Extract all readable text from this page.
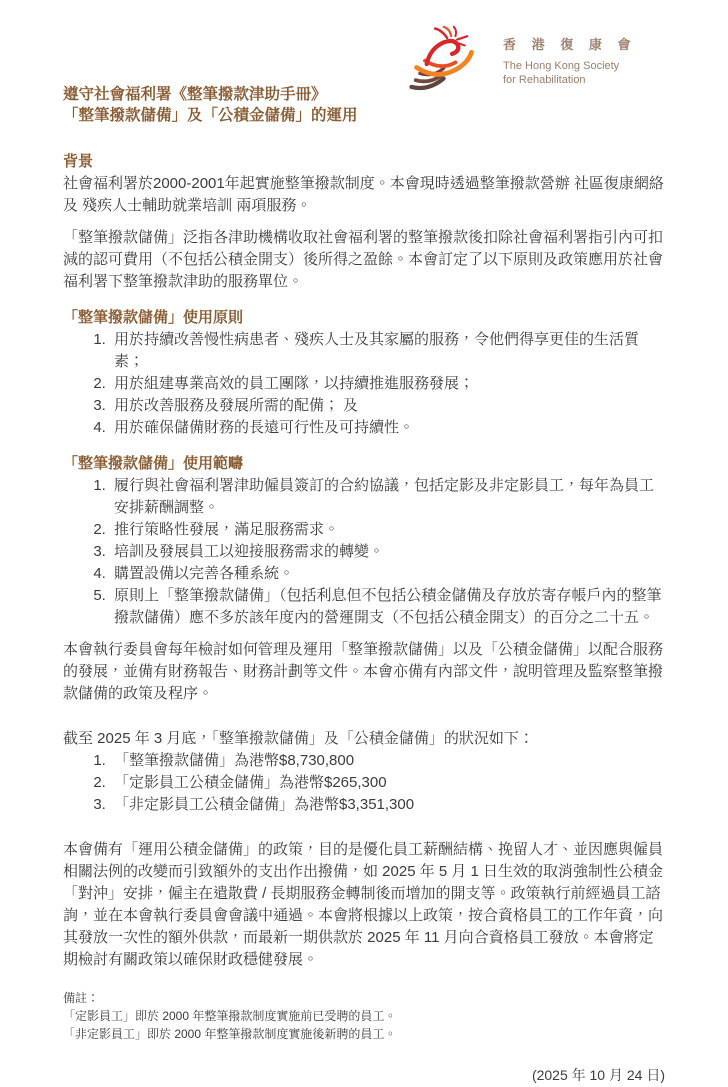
香 港 復 康 會
The Hong Kong Society
for Rehabilitation
遵守社會福利署《整筆撥款津助手冊》
「整筆撥款儲備」及「公積金儲備」的運用
背景

社會福利署於2000-2001年起實施整筆撥款制度。本會現時透過整筆撥款營辦 社區復康網絡 及 殘疾人士輔助就業培訓 兩項服務。

「整筆撥款儲備」泛指各津助機構收取社會福利署的整筆撥款後扣除社會福利署指引內可扣減的認可費用（不包括公積金開支）後所得之盈餘。本會訂定了以下原則及政策應用於社會福利署下整筆撥款津助的服務單位。

「整筆撥款儲備」使用原則
1. 用於持續改善慢性病患者、殘疾人士及其家屬的服務，令他們得享更佳的生活質素；
2. 用於組建專業高效的員工團隊，以持續推進服務發展；
3. 用於改善服務及發展所需的配備； 及
4. 用於確保儲備財務的長遠可行性及可持續性。
「整筆撥款儲備」使用範疇
1. 履行與社會福利署津助僱員簽訂的合約協議，包括定影及非定影員工，每年為員工安排薪酬調整。
2. 推行策略性發展，滿足服務需求。
3. 培訓及發展員工以迎接服務需求的轉變。
4. 購置設備以完善各種系統。
5. 原則上「整筆撥款儲備」（包括利息但不包括公積金儲備及存放於寄存帳戶內的整筆撥款儲備）應不多於該年度內的營運開支（不包括公積金開支）的百分之二十五。

本會執行委員會每年檢討如何管理及運用「整筆撥款儲備」以及「公積金儲備」以配合服務的發展，並備有財務報告、財務計劃等文件。本會亦備有內部文件，說明管理及監察整筆撥款儲備的政策及程序。

截至 2025 年 3 月底，「整筆撥款儲備」及「公積金儲備」的狀況如下：

1. 「整筆撥款儲備」為港幣$8,730,800
2. 「定影員工公積金儲備」為港幣$265,300
3. 「非定影員工公積金儲備」為港幣$3,351,300

本會備有「運用公積金儲備」的政策，目的是優化員工薪酬結構、挽留人才、並因應與僱員相關法例的改變而引致額外的支出作出撥備，如 2025 年 5 月 1 日生效的取消強制性公積金「對沖」安排，僱主在遣散費 / 長期服務金轉制後而增加的開支等。政策執行前經過員工諮詢，並在本會執行委員會會議中通過。本會將根據以上政策，按合資格員工的工作年資，向其發放一次性的額外供款，而最新一期供款於 2025 年 11 月向合資格員工發放。本會將定期檢討有關政策以確保財政穩健發展。

備註：
「定影員工」即於 2000 年整筆撥款制度實施前已受聘的員工。
「非定影員工」即於 2000 年整筆撥款制度實施後新聘的員工。
(2025 年 10 月 24 日)
